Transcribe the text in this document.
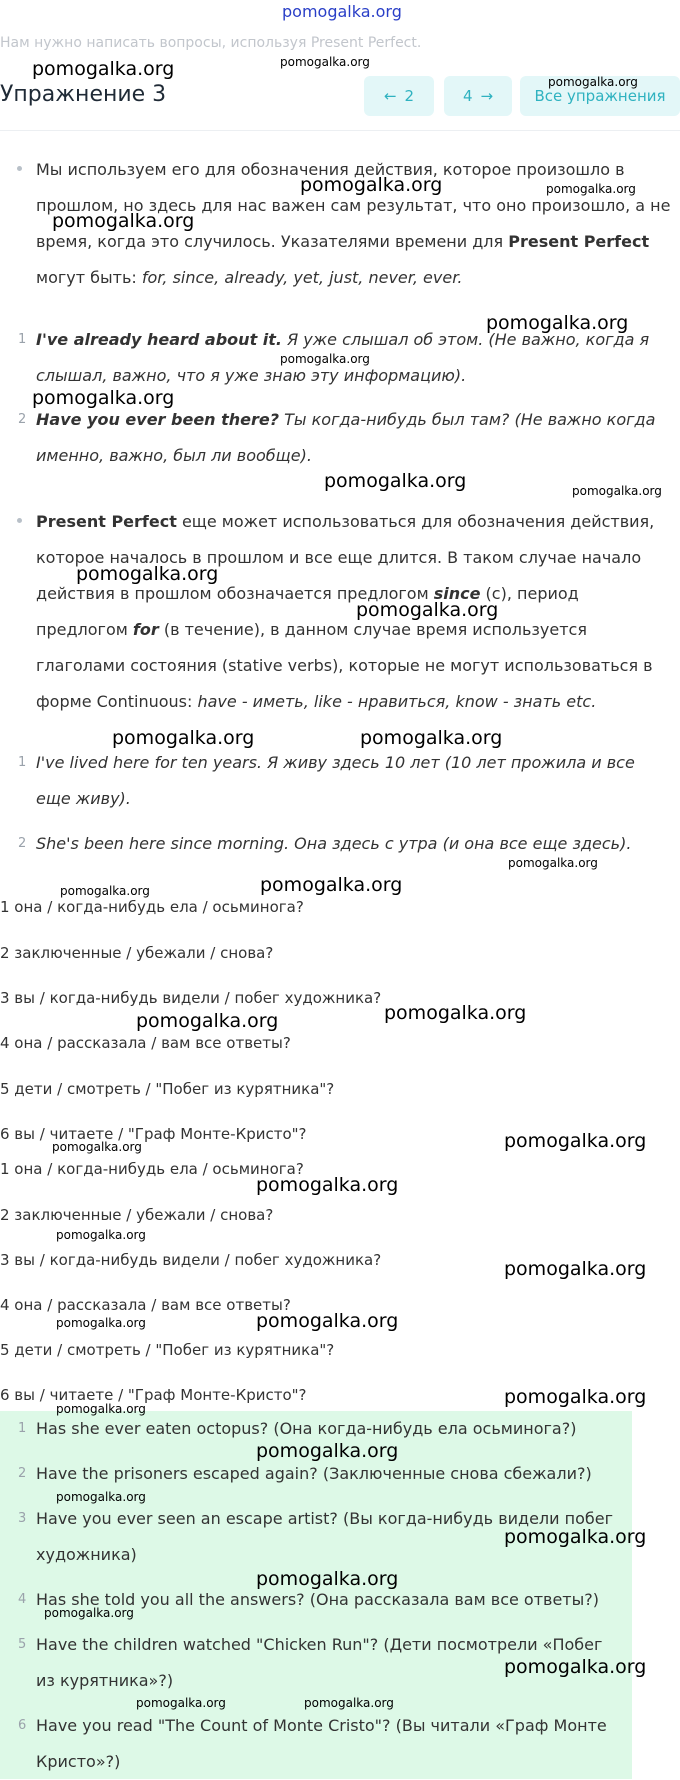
pomogalka.org
Нам нужно написать вопросы, используя Present Perfect.
Упражнение 3	← 2	4 →	Все упражнения
Мы используем его для обозначения действия, которое произошло в прошлом, но здесь для нас важен сам результат, что оно произошло, а не время, когда это случилось. Указателями времени для Present Perfect могут быть: for, since, already, yet, just, never, ever.
1 I've already heard about it. Я уже слышал об этом. (Не важно, когда я слышал, важно, что я уже знаю эту информацию).
2 Have you ever been there? Ты когда-нибудь был там? (Не важно когда именно, важно, был ли вообще).
Present Perfect еще может использоваться для обозначения действия, которое началось в прошлом и все еще длится. В таком случае начало действия в прошлом обозначается предлогом since (с), период предлогом for (в течение), в данном случае время используется глаголами состояния (stative verbs), которые не могут использоваться в форме Continuous: have - иметь, like - нравиться, know - знать etc.
1 I've lived here for ten years. Я живу здесь 10 лет (10 лет прожила и все еще живу).
2 She's been here since morning. Она здесь с утра (и она все еще здесь).
1 она / когда-нибудь ела / осьминога?
2 заключенные / убежали / снова?
3 вы / когда-нибудь видели / побег художника?
4 она / рассказала / вам все ответы?
5 дети / смотреть / "Побег из курятника"?
6 вы / читаете / "Граф Монте-Кристо"?
1 она / когда-нибудь ела / осьминога?
2 заключенные / убежали / снова?
3 вы / когда-нибудь видели / побег художника?
4 она / рассказала / вам все ответы?
5 дети / смотреть / "Побег из курятника"?
6 вы / читаете / "Граф Монте-Кристо"?
1 Has she ever eaten octopus? (Она когда-нибудь ела осьминога?)
2 Have the prisoners escaped again? (Заключенные снова сбежали?)
3 Have you ever seen an escape artist? (Вы когда-нибудь видели побег художника)
4 Has she told you all the answers? (Она рассказала вам все ответы?)
5 Have the children watched "Chicken Run"? (Дети посмотрели «Побег из курятника»?)
6 Have you read "The Count of Monte Cristo"? (Вы читали «Граф Монте Кристо»?)
pomogalka.org
pomogalka.org
pomogalka.org
pomogalka.org	pomogalka.org
pomogalka.org
pomogalka.org
pomogalka.org
pomogalka.org
pomogalka.org	pomogalka.org
pomogalka.org
pomogalka.org
pomogalka.org	pomogalka.org
pomogalka.org
pomogalka.org
pomogalka.org
pomogalka.org
pomogalka.org
pomogalka.org
pomogalka.org
pomogalka.org
pomogalka.org
pomogalka.org
pomogalka.org
pomogalka.org
pomogalka.org
pomogalka.org
pomogalka.org
pomogalka.org
pomogalka.org
pomogalka.org
pomogalka.org
pomogalka.org
pomogalka.org	pomogalka.org
